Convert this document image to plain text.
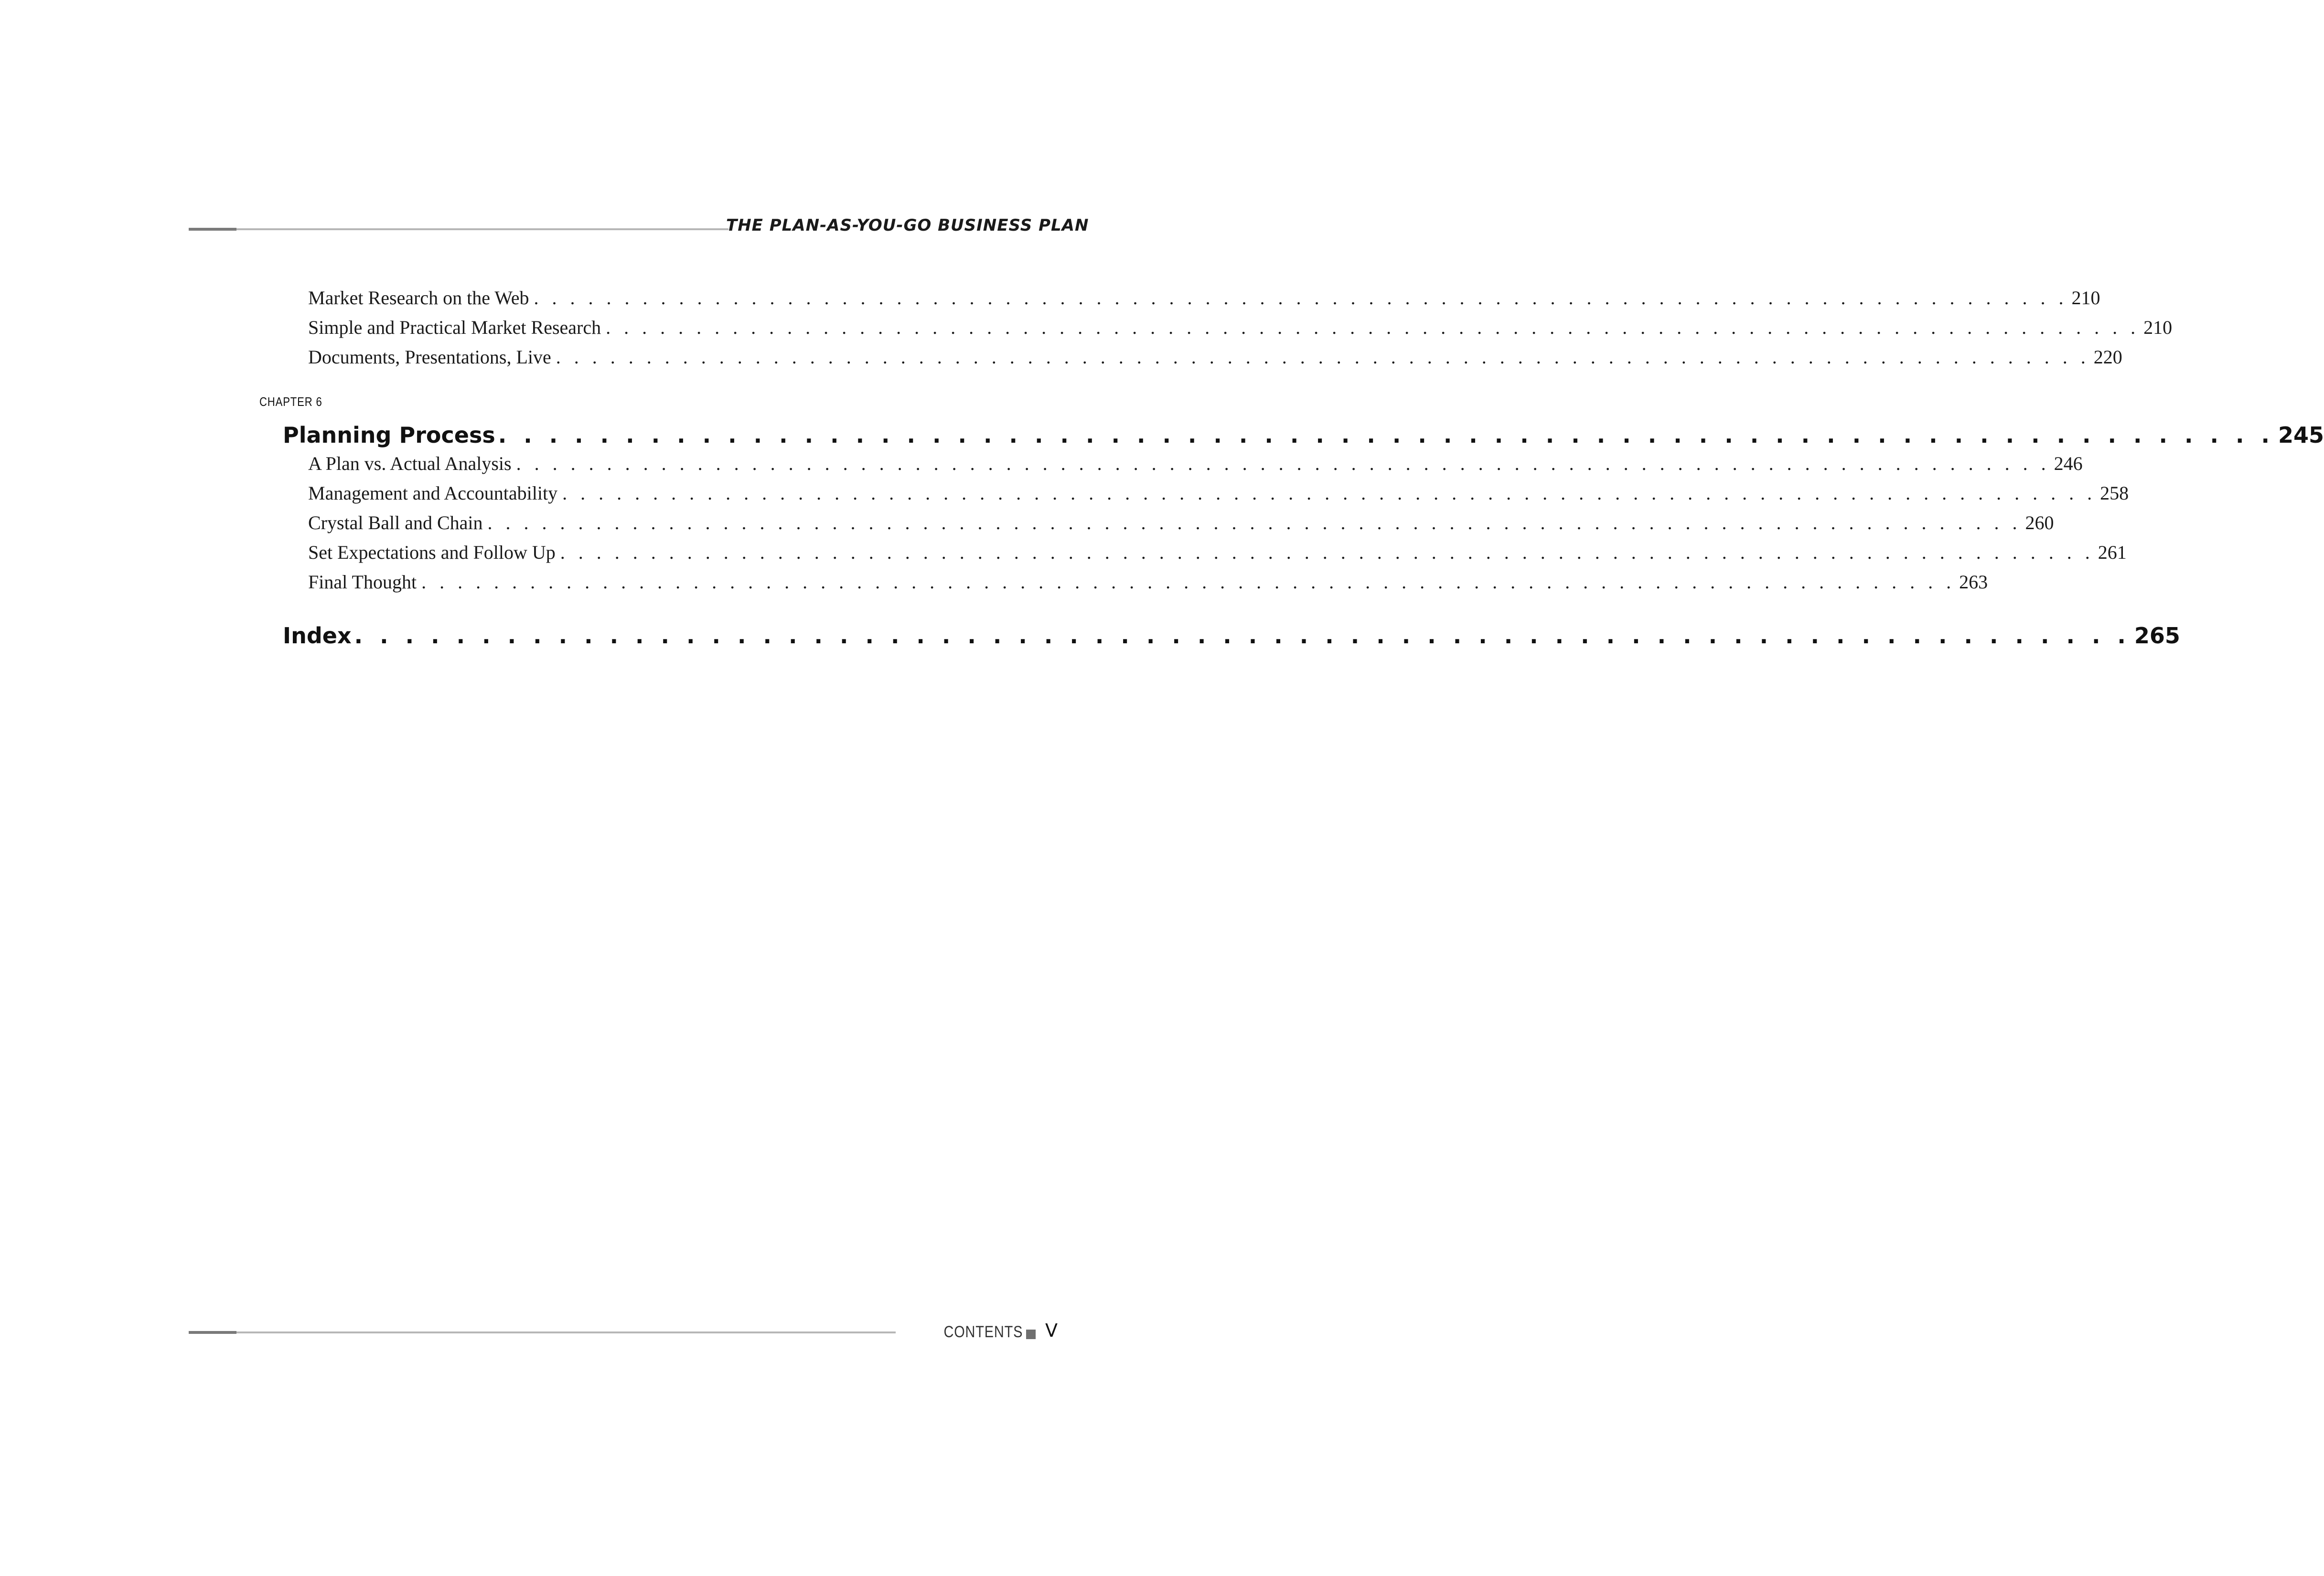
THE PLAN-AS-YOU-GO BUSINESS PLAN
Market Research on the Web . . . . . . . . . . . . . . . . . . . . . . . . . . . . . . . . . . . . . . . . . . . . . . . . . . . . . . . . . . . . . . . . . . . . . . . . . . . . . . . . . . . . . 210
Simple and Practical Market Research . . . . . . . . . . . . . . . . . . . . . . . . . . . . . . . . . . . . . . . . . . . . . . . . . . . . . . . . . . . . . . . . . . . . . . . . . . . . . . . . . . . . . 210
Documents, Presentations, Live . . . . . . . . . . . . . . . . . . . . . . . . . . . . . . . . . . . . . . . . . . . . . . . . . . . . . . . . . . . . . . . . . . . . . . . . . . . . . . . . . . . . . 220
CHAPTER 6
Planning Process . . . . . . . . . . . . . . . . . . . . . . . . . . . . . . . . . . . . . . . . . . . . . . . . . . . . . . . . . . . . . . . . . . . . . . 245
A Plan vs. Actual Analysis . . . . . . . . . . . . . . . . . . . . . . . . . . . . . . . . . . . . . . . . . . . . . . . . . . . . . . . . . . . . . . . . . . . . . . . . . . . . . . . . . . . . . 246
Management and Accountability . . . . . . . . . . . . . . . . . . . . . . . . . . . . . . . . . . . . . . . . . . . . . . . . . . . . . . . . . . . . . . . . . . . . . . . . . . . . . . . . . . . . . 258
Crystal Ball and Chain . . . . . . . . . . . . . . . . . . . . . . . . . . . . . . . . . . . . . . . . . . . . . . . . . . . . . . . . . . . . . . . . . . . . . . . . . . . . . . . . . . . . . 260
Set Expectations and Follow Up . . . . . . . . . . . . . . . . . . . . . . . . . . . . . . . . . . . . . . . . . . . . . . . . . . . . . . . . . . . . . . . . . . . . . . . . . . . . . . . . . . . . . 261
Final Thought . . . . . . . . . . . . . . . . . . . . . . . . . . . . . . . . . . . . . . . . . . . . . . . . . . . . . . . . . . . . . . . . . . . . . . . . . . . . . . . . . . . . . 263
Index . . . . . . . . . . . . . . . . . . . . . . . . . . . . . . . . . . . . . . . . . . . . . . . . . . . . . . . . . . . . . . . . . . . . . . 265
CONTENTS V
